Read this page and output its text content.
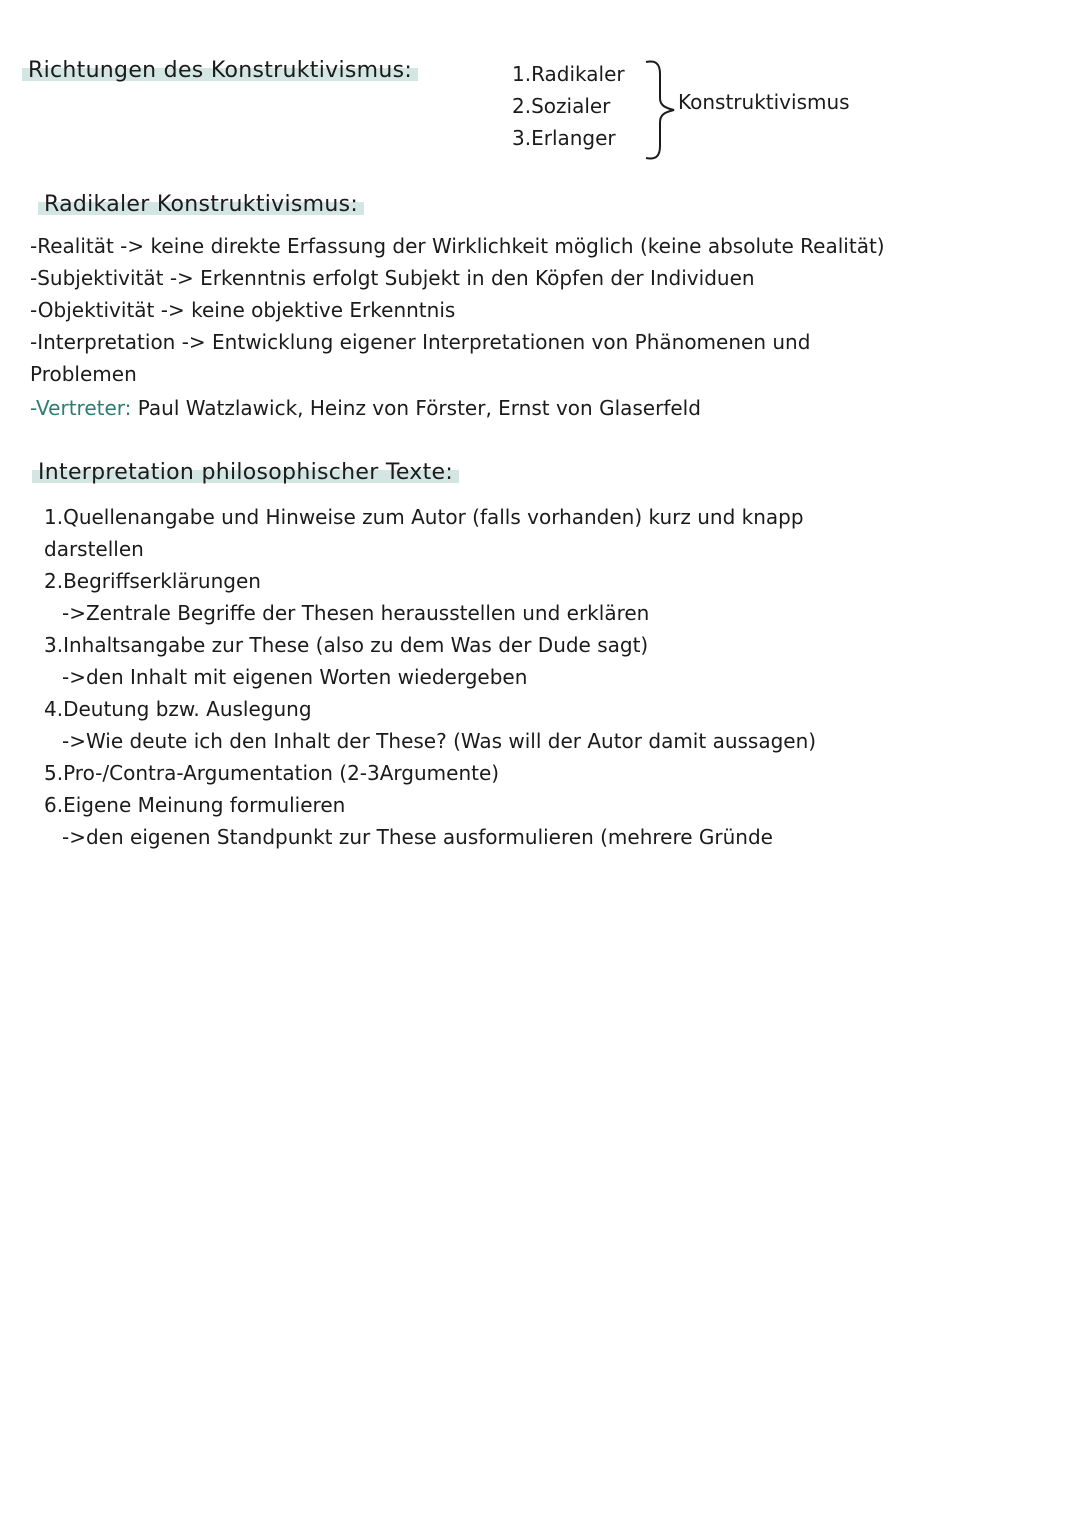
Richtungen des Konstruktivismus:	1.Radikaler
2.Sozialer
3.Erlanger
Konstruktivismus
Radikaler Konstruktivismus:
-Realität -> keine direkte Erfassung der Wirklichkeit möglich (keine absolute Realität)
-Subjektivität -> Erkenntnis erfolgt Subjekt in den Köpfen der Individuen
-Objektivität -> keine objektive Erkenntnis
-Interpretation -> Entwicklung eigener Interpretationen von Phänomenen und
Problemen
-Vertreter: Paul Watzlawick, Heinz von Förster, Ernst von Glaserfeld
Interpretation philosophischer Texte:
1.Quellenangabe und Hinweise zum Autor (falls vorhanden) kurz und knapp
darstellen
2.Begriffserklärungen
->Zentrale Begriffe der Thesen herausstellen und erklären
3.Inhaltsangabe zur These (also zu dem Was der Dude sagt)
->den Inhalt mit eigenen Worten wiedergeben
4.Deutung bzw. Auslegung
->Wie deute ich den Inhalt der These? (Was will der Autor damit aussagen)
5.Pro-/Contra-Argumentation (2-3Argumente)
6.Eigene Meinung formulieren
->den eigenen Standpunkt zur These ausformulieren (mehrere Gründe
